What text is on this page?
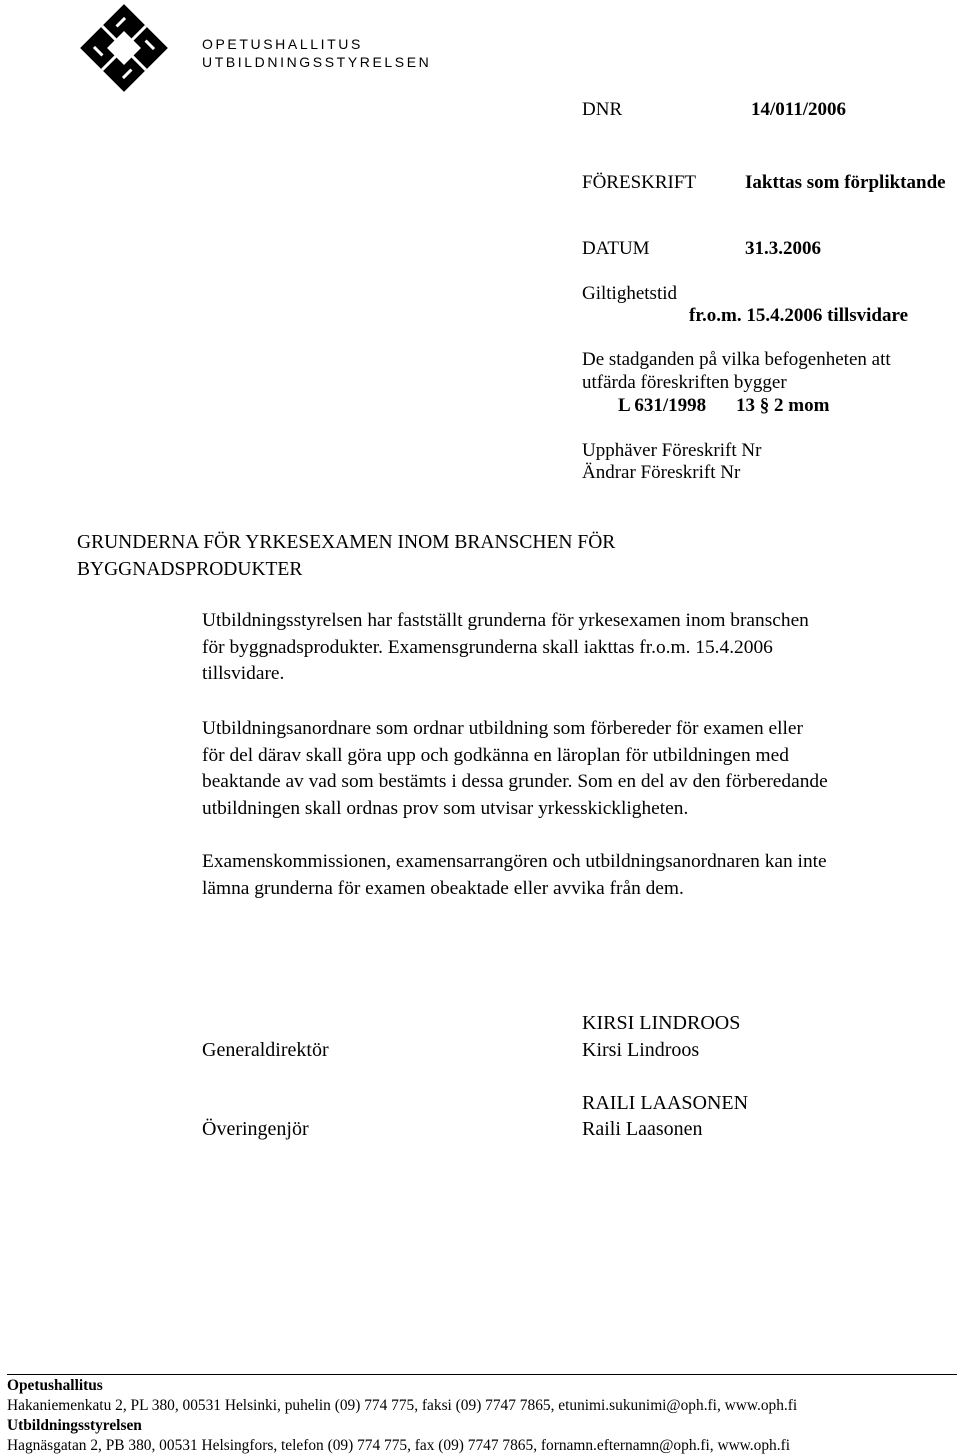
OPETUSHALLITUS
UTBILDNINGSSTYRELSEN
DNR	14/011/2006
FÖRESKRIFT	Iakttas som förpliktande
DATUM	31.3.2006
Giltighetstid
fr.o.m. 15.4.2006 tillsvidare
De stadganden på vilka befogenheten att
utfärda föreskriften bygger
L 631/1998 13 § 2 mom
Upphäver Föreskrift Nr
Ändrar Föreskrift Nr
GRUNDERNA FÖR YRKESEXAMEN INOM BRANSCHEN FÖR BYGGNADSPRODUKTER
Utbildningsstyrelsen har fastställt grunderna för yrkesexamen inom branschen
för byggnadsprodukter. Examensgrunderna skall iakttas fr.o.m. 15.4.2006
tillsvidare.
Utbildningsanordnare som ordnar utbildning som förbereder för examen eller
för del därav skall göra upp och godkänna en läroplan för utbildningen med
beaktande av vad som bestämts i dessa grunder. Som en del av den förberedande
utbildningen skall ordnas prov som utvisar yrkesskickligheten.
Examenskommissionen, examensarrangören och utbildningsanordnaren kan inte
lämna grunderna för examen obeaktade eller avvika från dem.
KIRSI LINDROOS
Generaldirektör	Kirsi Lindroos
RAILI LAASONEN
Överingenjör	Raili Laasonen
Opetushallitus
Hakaniemenkatu 2, PL 380, 00531 Helsinki, puhelin (09) 774 775, faksi (09) 7747 7865, etunimi.sukunimi@oph.fi, www.oph.fi
Utbildningsstyrelsen
Hagnäsgatan 2, PB 380, 00531 Helsingfors, telefon (09) 774 775, fax (09) 7747 7865, fornamn.efternamn@oph.fi, www.oph.fi
